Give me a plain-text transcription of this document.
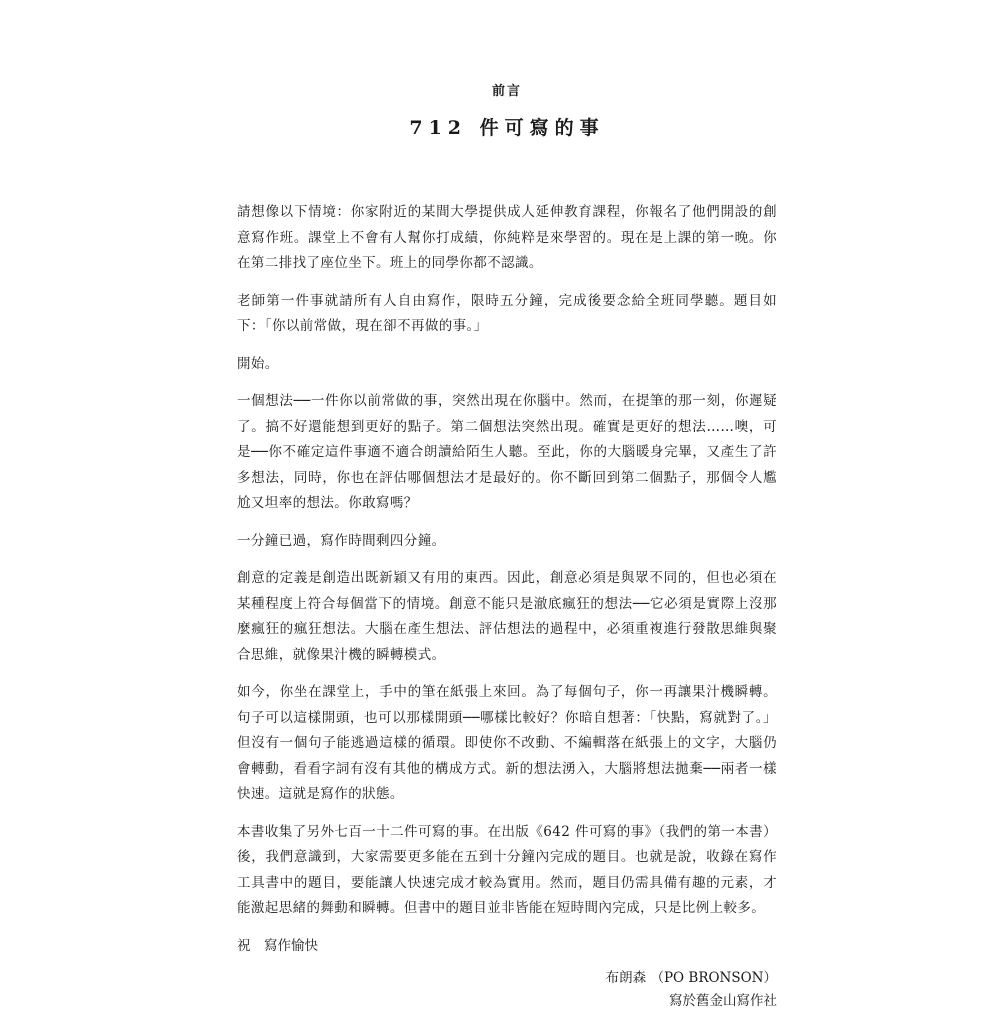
前言
712 件可寫的事

請想像以下情境：你家附近的某間大學提供成人延伸教育課程，你報名了他們開設的創意寫作班。課堂上不會有人幫你打成績，你純粹是來學習的。現在是上課的第一晚。你在第二排找了座位坐下。班上的同學你都不認識。

老師第一件事就請所有人自由寫作，限時五分鐘，完成後要念給全班同學聽。題目如下：「你以前常做，現在卻不再做的事。」

開始。

一個想法──一件你以前常做的事，突然出現在你腦中。然而，在提筆的那一刻，你遲疑了。搞不好還能想到更好的點子。第二個想法突然出現。確實是更好的想法……噢，可是──你不確定這件事適不適合朗讀給陌生人聽。至此，你的大腦暖身完畢，又產生了許多想法，同時，你也在評估哪個想法才是最好的。你不斷回到第二個點子，那個令人尷尬又坦率的想法。你敢寫嗎？

一分鐘已過，寫作時間剩四分鐘。

創意的定義是創造出既新穎又有用的東西。因此，創意必須是與眾不同的，但也必須在某種程度上符合每個當下的情境。創意不能只是澈底瘋狂的想法──它必須是實際上沒那麼瘋狂的瘋狂想法。大腦在產生想法、評估想法的過程中，必須重複進行發散思維與聚合思維，就像果汁機的瞬轉模式。

如今，你坐在課堂上，手中的筆在紙張上來回。為了每個句子，你一再讓果汁機瞬轉。句子可以這樣開頭，也可以那樣開頭──哪樣比較好？你暗自想著：「快點，寫就對了。」但沒有一個句子能逃過這樣的循環。即使你不改動、不編輯落在紙張上的文字，大腦仍會轉動，看看字詞有沒有其他的構成方式。新的想法湧入，大腦將想法拋棄──兩者一樣快速。這就是寫作的狀態。

本書收集了另外七百一十二件可寫的事。在出版《642 件可寫的事》（我們的第一本書）後，我們意識到，大家需要更多能在五到十分鐘內完成的題目。也就是說，收錄在寫作工具書中的題目，要能讓人快速完成才較為實用。然而，題目仍需具備有趣的元素，才能激起思緒的舞動和瞬轉。但書中的題目並非皆能在短時間內完成，只是比例上較多。

祝　寫作愉快

布朗森 （PO BRONSON）
寫於舊金山寫作社
